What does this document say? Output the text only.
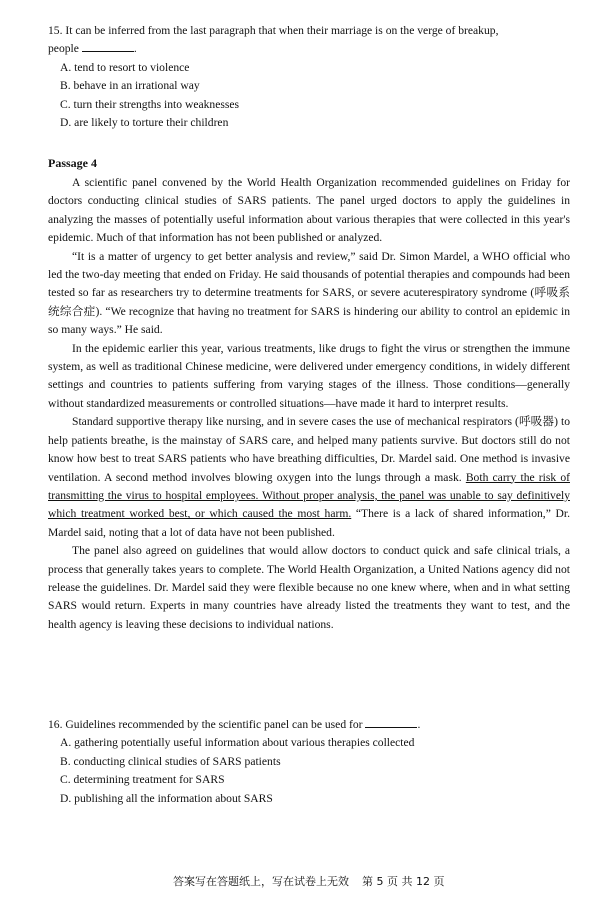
15. It can be inferred from the last paragraph that when their marriage is on the verge of breakup,

people	.

A. tend to resort to violence

B. behave in an irrational way

C. turn their strengths into weaknesses

D. are likely to torture their children

Passage 4

A scientific panel convened by the World Health Organization recommended guidelines on Friday for doctors conducting clinical studies of SARS patients. The panel urged doctors to apply the guidelines in analyzing the masses of potentially useful information about various therapies that were collected in this year's epidemic. Much of that information has not been published or analyzed.

“It is a matter of urgency to get better analysis and review,” said Dr. Simon Mardel, a WHO official who led the two-day meeting that ended on Friday. He said thousands of potential therapies and compounds had been tested so far as researchers try to determine treatments for SARS, or severe acuterespiratory syndrome (呼吸系统综合症). “We recognize that having no treatment for SARS is hindering our ability to control an epidemic in so many ways.” He said.

In the epidemic earlier this year, various treatments, like drugs to fight the virus or strengthen the immune system, as well as traditional Chinese medicine, were delivered under emergency conditions, in widely different settings and countries to patients suffering from varying stages of the illness. Those conditions—generally without standardized measurements or controlled situations—have made it hard to interpret results.

Standard supportive therapy like nursing, and in severe cases the use of mechanical respirators (呼吸器) to help patients breathe, is the mainstay of SARS care, and helped many patients survive. But doctors still do not know how best to treat SARS patients who have breathing difficulties, Dr. Mardel said. One method is invasive ventilation. A second method involves blowing oxygen into the lungs through a mask. Both carry the risk of transmitting the virus to hospital employees. Without proper analysis, the panel was unable to say definitively which treatment worked best, or which caused the most harm. “There is a lack of shared information,” Dr. Mardel said, noting that a lot of data have not been published.

The panel also agreed on guidelines that would allow doctors to conduct quick and safe clinical trials, a process that generally takes years to complete. The World Health Organization, a United Nations agency did not release the guidelines. Dr. Mardel said they were flexible because no one knew where, when and in what setting SARS would return. Experts in many countries have already listed the treatments they want to test, and the health agency is leaving these decisions to individual nations.

16. Guidelines recommended by the scientific panel can be used for	.

A. gathering potentially useful information about various therapies collected

B. conducting clinical studies of SARS patients

C. determining treatment for SARS

D. publishing all the information about SARS

答案写在答题纸上，写在试卷上无效 第 5 页 共 12 页
